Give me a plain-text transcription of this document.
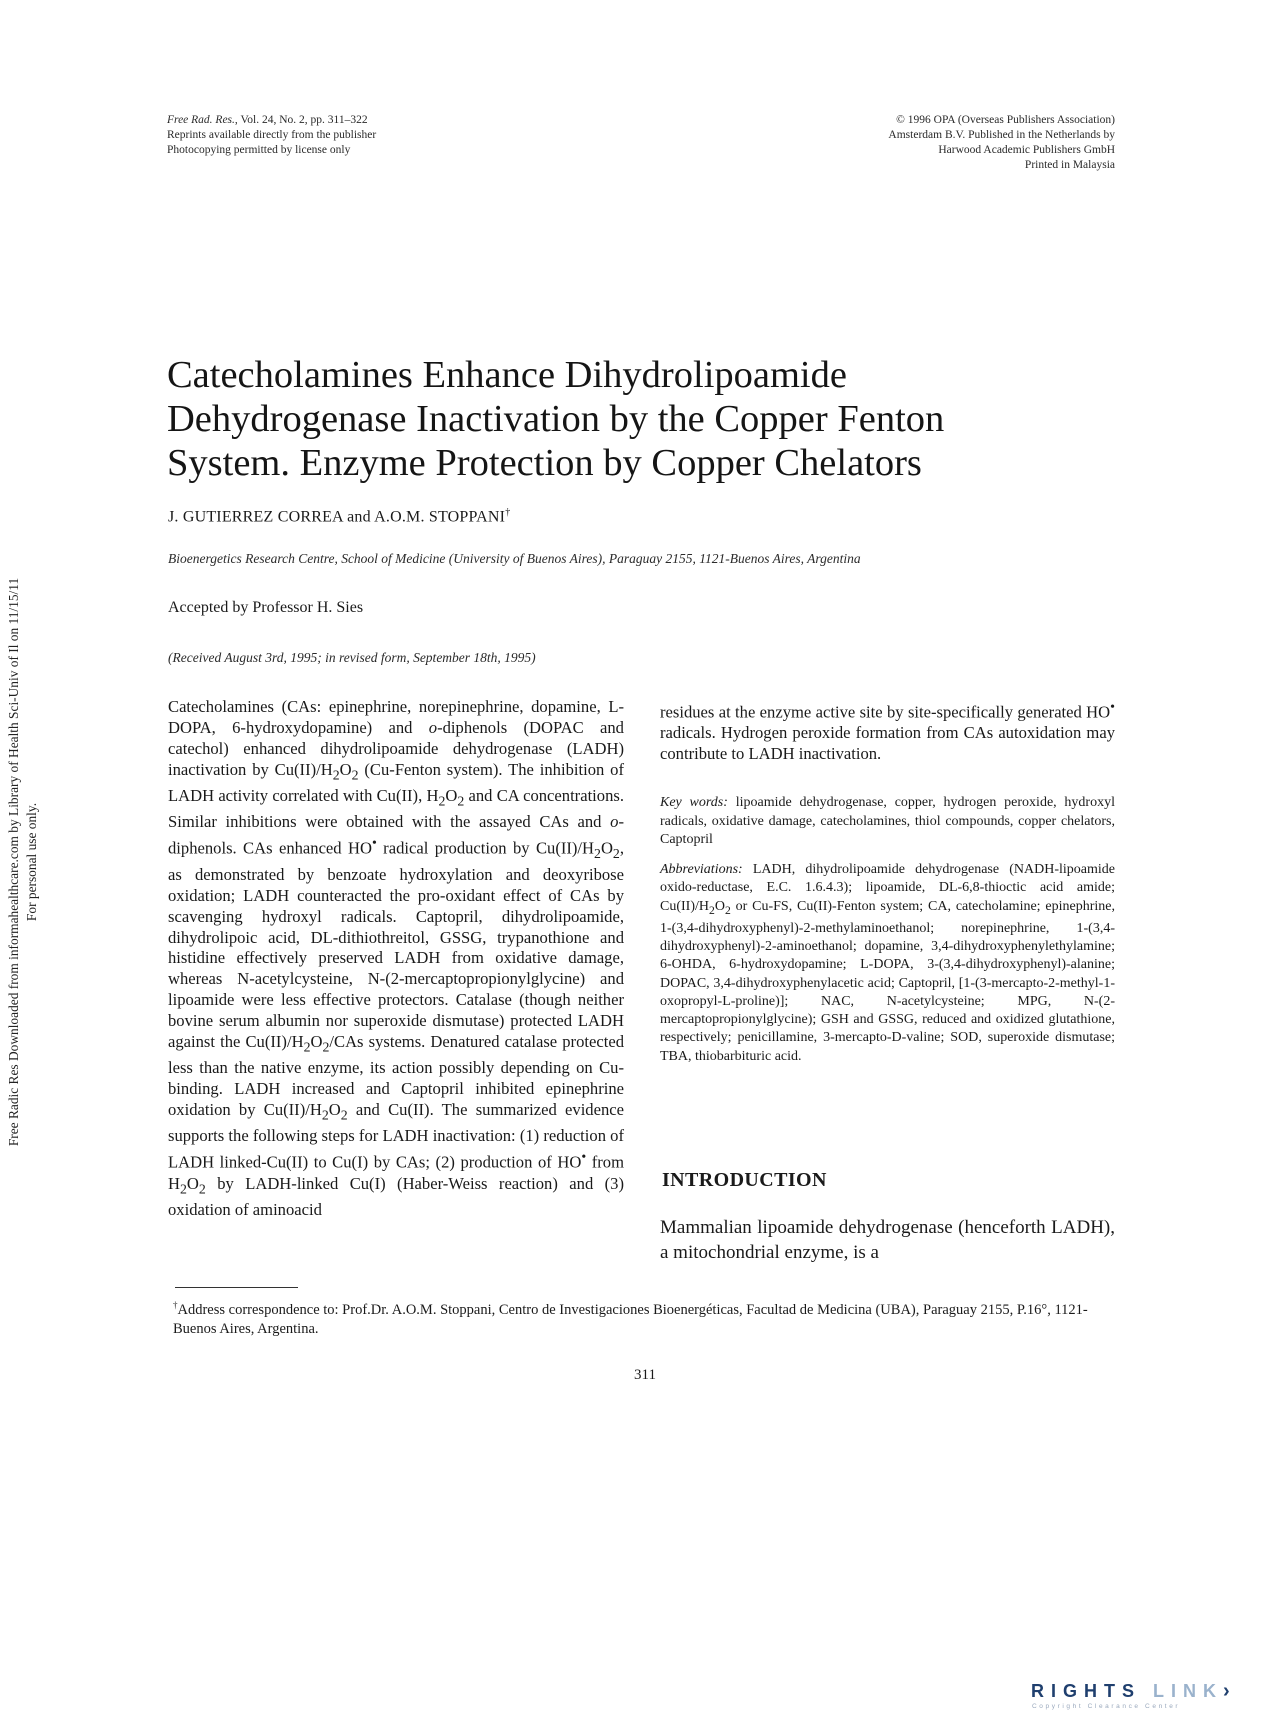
Free Rad. Res., Vol. 24, No. 2, pp. 311–322
Reprints available directly from the publisher
Photocopying permitted by license only
© 1996 OPA (Overseas Publishers Association)
Amsterdam B.V. Published in the Netherlands by
Harwood Academic Publishers GmbH
Printed in Malaysia
Catecholamines Enhance Dihydrolipoamide
Dehydrogenase Inactivation by the Copper Fenton
System. Enzyme Protection by Copper Chelators
J. GUTIERREZ CORREA and A.O.M. STOPPANI†
Bioenergetics Research Centre, School of Medicine (University of Buenos Aires), Paraguay 2155, 1121-Buenos Aires, Argentina
Accepted by Professor H. Sies
(Received August 3rd, 1995; in revised form, September 18th, 1995)

Catecholamines (CAs: epinephrine, norepinephrine, dopamine, L-DOPA, 6-hydroxydopamine) and o-diphenols (DOPAC and catechol) enhanced dihydrolipoamide dehydrogenase (LADH) inactivation by $Cu(II)/H_2O_2$ (Cu-Fenton system). The inhibition of LADH activity correlated with Cu(II), $H_2O_2$ and CA concentrations. Similar inhibitions were obtained with the assayed CAs and o-diphenols. CAs enhanced HO• radical production by $Cu(II)/H_2O_2$, as demonstrated by benzoate hydroxylation and deoxyribose oxidation; LADH counteracted the pro-oxidant effect of CAs by scavenging hydroxyl radicals. Captopril, dihydrolipoamide, dihydrolipoic acid, DL-dithiothreitol, GSSG, trypanothione and histidine effectively preserved LADH from oxidative damage, whereas N-acetylcysteine, N-(2-mercaptopropionylglycine) and lipoamide were less effective protectors. Catalase (though neither bovine serum albumin nor superoxide dismutase) protected LADH against the $Cu(II)/H_2O_2$/CAs systems. Denatured catalase protected less than the native enzyme, its action possibly depending on Cu-binding. LADH increased and Captopril inhibited epinephrine oxidation by $Cu(II)/H_2O_2$ and Cu(II). The summarized evidence supports the following steps for LADH inactivation: (1) reduction of LADH linked-Cu(II) to Cu(I) by CAs; (2) production of HO• from $H_2O_2$ by LADH-linked Cu(I) (Haber-Weiss reaction) and (3) oxidation of aminoacid

residues at the enzyme active site by site-specifically generated HO• radicals. Hydrogen peroxide formation from CAs autoxidation may contribute to LADH inactivation.

Key words: lipoamide dehydrogenase, copper, hydrogen peroxide, hydroxyl radicals, oxidative damage, catecholamines, thiol compounds, copper chelators, Captopril

Abbreviations: LADH, dihydrolipoamide dehydrogenase (NADH-lipoamide oxido-reductase, E.C. 1.6.4.3); lipoamide, DL-6,8-thioctic acid amide; $Cu(II)/H_2O_2$ or Cu-FS, Cu(II)-Fenton system; CA, catecholamine; epinephrine, 1-(3,4-dihydroxyphenyl)-2-methylaminoethanol; norepinephrine, 1-(3,4-dihydroxyphenyl)-2-aminoethanol; dopamine, 3,4-dihydroxyphenylethylamine; 6-OHDA, 6-hydroxydopamine; L-DOPA, 3-(3,4-dihydroxyphenyl)-alanine; DOPAC, 3,4-dihydroxyphenylacetic acid; Captopril, [1-(3-mercapto-2-methyl-1-oxopropyl-L-proline)]; NAC, N-acetylcysteine; MPG, N-(2-mercaptopropionylglycine); GSH and GSSG, reduced and oxidized glutathione, respectively; penicillamine, 3-mercapto-D-valine; SOD, superoxide dismutase; TBA, thiobarbituric acid.

INTRODUCTION

Mammalian lipoamide dehydrogenase (henceforth LADH), a mitochondrial enzyme, is a

†Address correspondence to: Prof.Dr. A.O.M. Stoppani, Centro de Investigaciones Bioenergéticas, Facultad de Medicina (UBA), Paraguay 2155, P.16°, 1121-Buenos Aires, Argentina.

311
Free Radic Res Downloaded from informahealthcare.com by Library of Health Sci-Univ of Il on 11/15/11 For personal use only.
RIGHTS LINK›
Copyright Clearance Center
